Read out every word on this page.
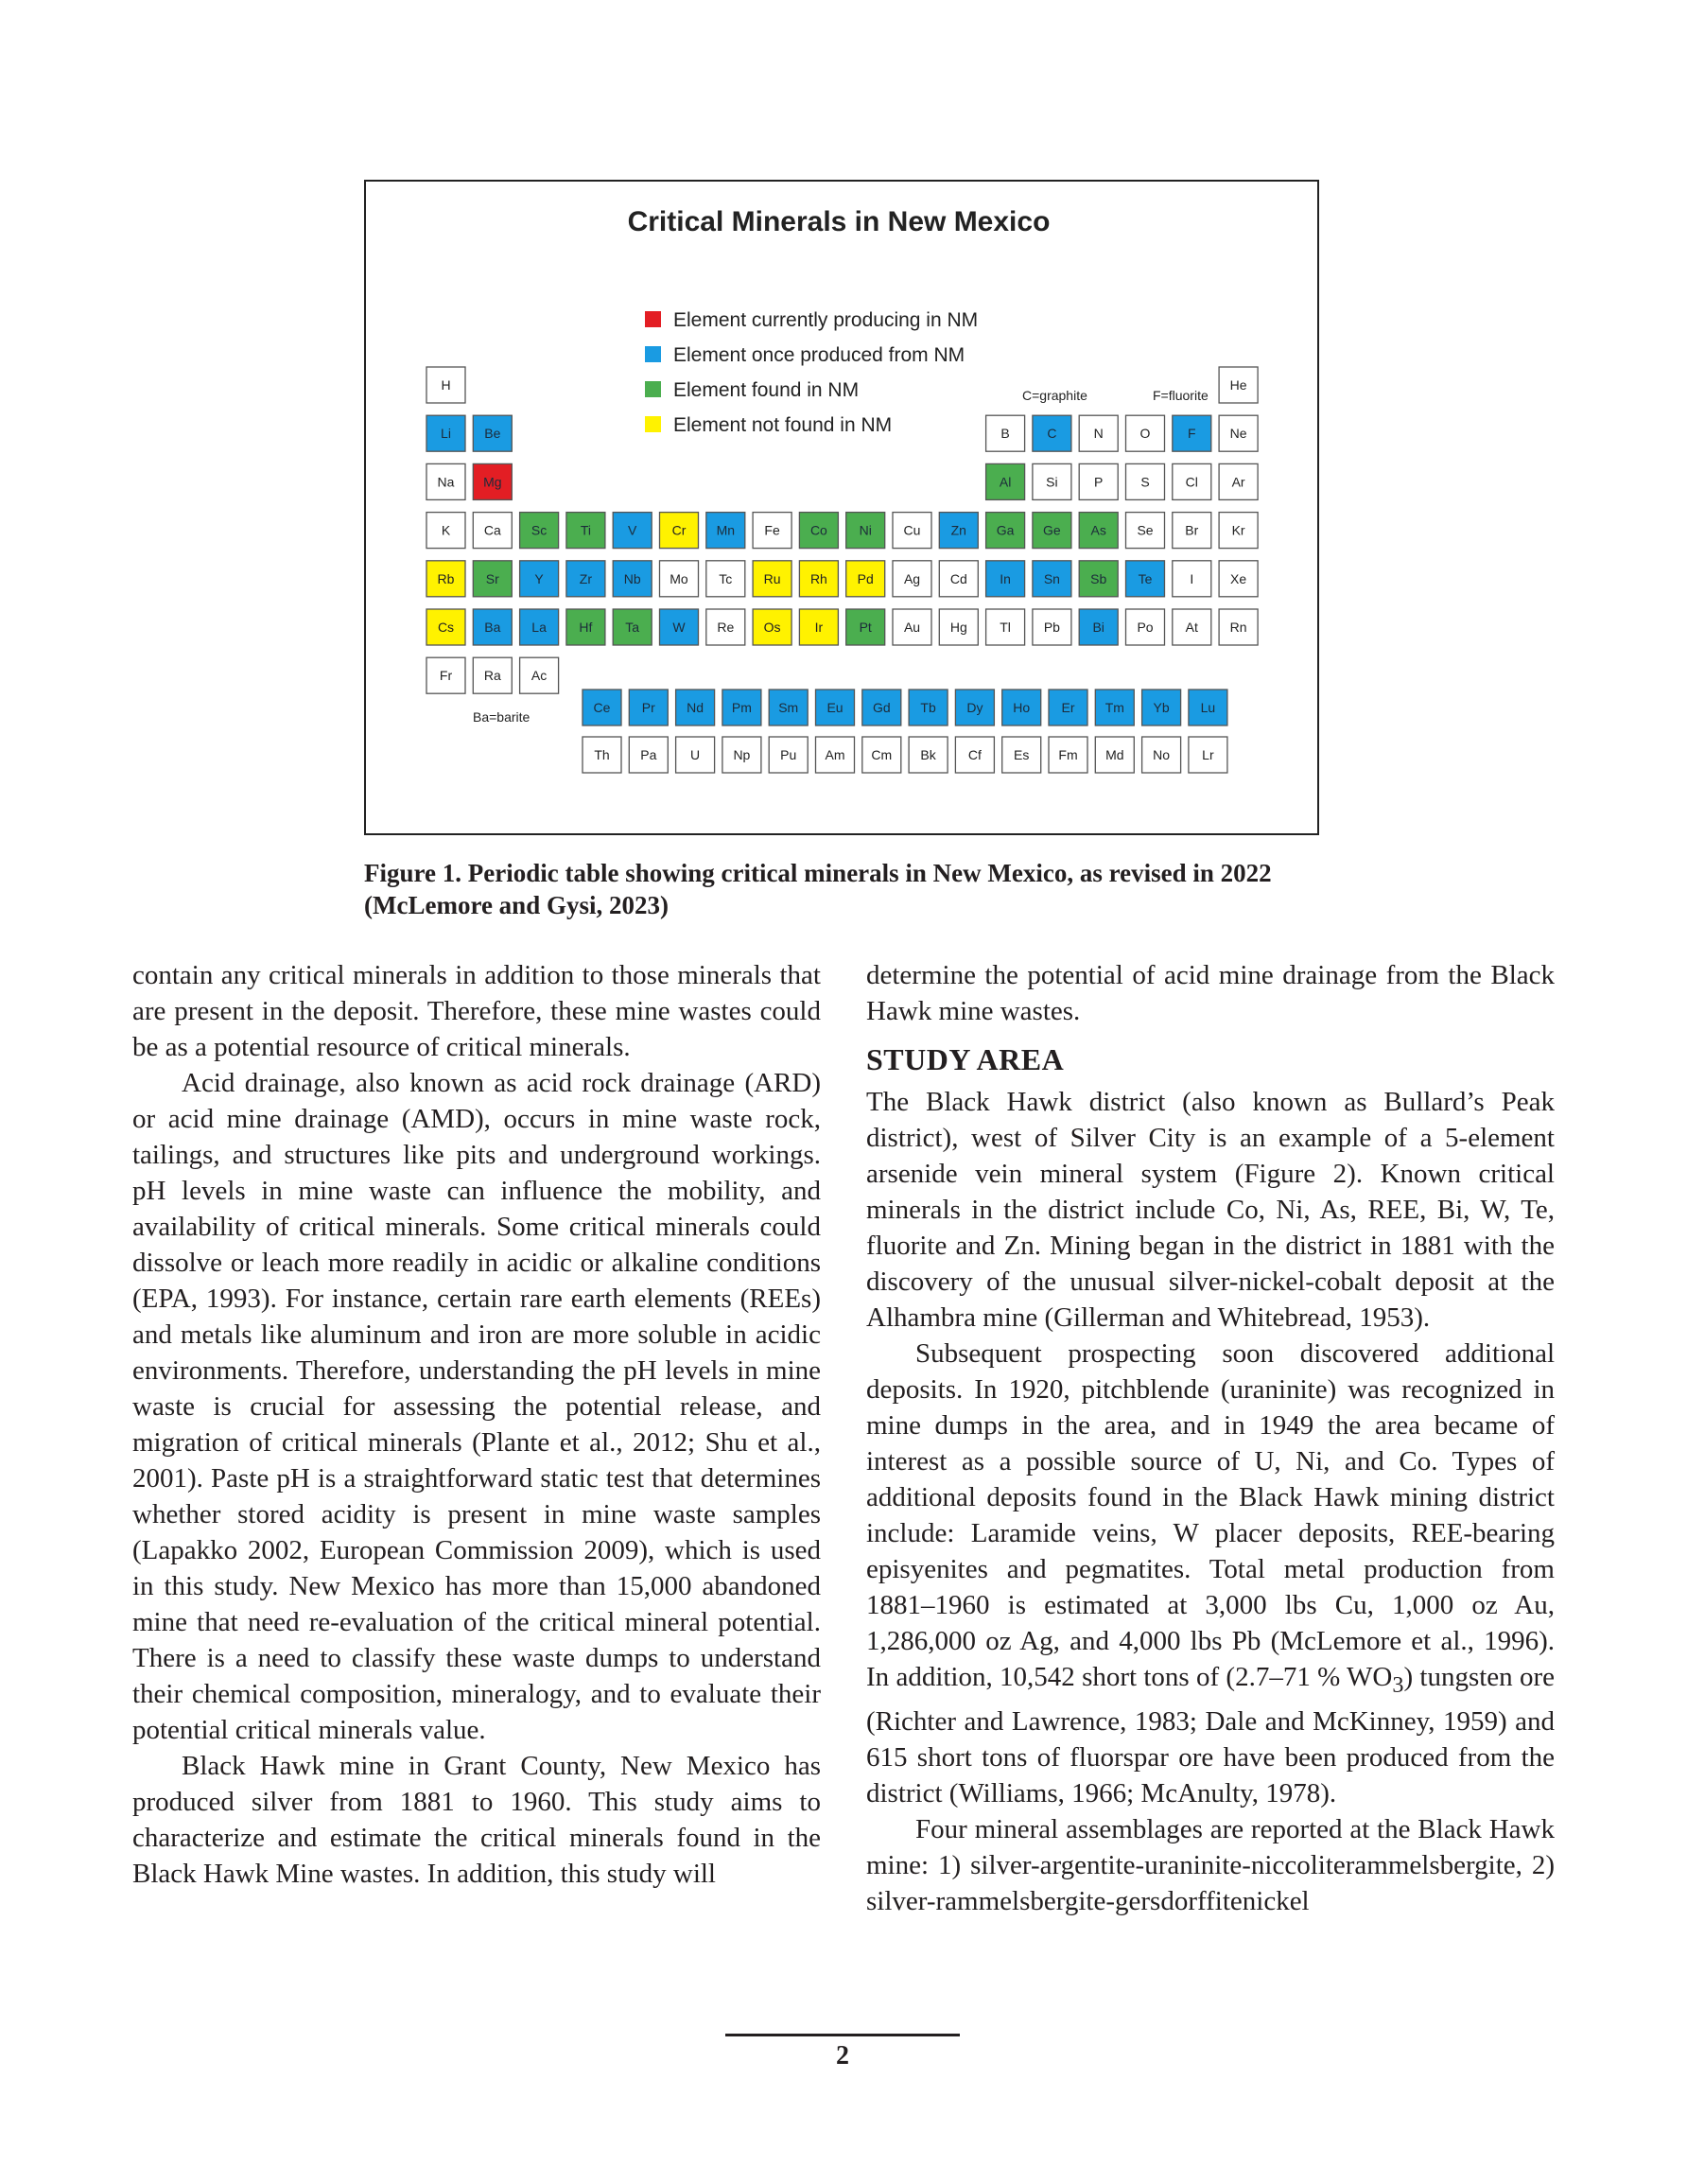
Critical Minerals in New Mexico
Element currently producing in NM
Element once produced from NM
Element found in NM
Element not found in NM
C=graphite	F=fluorite
Ba=barite
H	He
Li	Be	B	C	N	O	F	Ne
Na Mg	Al	Si	P	S	Cl	Ar
K	Ca Sc	Ti	V	Cr Mn Fe Co Ni Cu Zn Ga Ge As Se Br	Kr
Rb Sr	Y	Zr Nb Mo Tc Ru Rh Pd Ag Cd In Sn Sb Te	I	Xe
Cs Ba La Hf Ta	W Re Os	Ir	Pt Au Hg Tl Pb Bi Po At Rn
Fr Ra Ac
Ce Pr Nd Pm Sm Eu Gd Tb Dy Ho Er Tm Yb Lu
Th Pa	U	Np Pu Am Cm Bk Cf Es Fm Md No Lr
Figure 1. Periodic table showing critical minerals in New Mexico, as revised in 2022
(McLemore and Gysi, 2023)

contain any critical minerals in addition to those minerals that are present in the deposit. Therefore, these mine wastes could be as a potential resource of critical minerals.

Acid drainage, also known as acid rock drainage (ARD) or acid mine drainage (AMD), occurs in mine waste rock, tailings, and structures like pits and underground workings. pH levels in mine waste can influence the mobility, and availability of critical minerals. Some critical minerals could dissolve or leach more readily in acidic or alkaline conditions (EPA, 1993). For instance, certain rare earth elements (REEs) and metals like aluminum and iron are more soluble in acidic environments. Therefore, understanding the pH levels in mine waste is crucial for assessing the potential release, and migration of critical minerals (Plante et al., 2012; Shu et al., 2001). Paste pH is a straightforward static test that determines whether stored acidity is present in mine waste samples (Lapakko 2002, European Commission 2009), which is used in this study. New Mexico has more than 15,000 abandoned mine that need re-evaluation of the critical mineral potential. There is a need to classify these waste dumps to understand their chemical composition, mineralogy, and to evaluate their potential critical minerals value.

Black Hawk mine in Grant County, New Mexico has produced silver from 1881 to 1960. This study aims to characterize and estimate the critical minerals found in the Black Hawk Mine wastes. In addition, this study will

determine the potential of acid mine drainage from the Black Hawk mine wastes.

STUDY AREA

The Black Hawk district (also known as Bullard’s Peak district), west of Silver City is an example of a 5-element arsenide vein mineral system (Figure 2). Known critical minerals in the district include Co, Ni, As, REE, Bi, W, Te, fluorite and Zn. Mining began in the district in 1881 with the discovery of the unusual silver-nickel-cobalt deposit at the Alhambra mine (Gillerman and Whitebread, 1953).

Subsequent prospecting soon discovered additional deposits. In 1920, pitchblende (uraninite) was recognized in mine dumps in the area, and in 1949 the area became of interest as a possible source of U, Ni, and Co. Types of additional deposits found in the Black Hawk mining district include: Laramide veins, W placer deposits, REE-bearing episyenites and pegmatites. Total metal production from 1881–1960 is estimated at 3,000 lbs Cu, 1,000 oz Au, 1,286,000 oz Ag, and 4,000 lbs Pb (McLemore et al., 1996). In addition, 10,542 short tons of (2.7–71 % $WO_3$) tungsten ore (Richter and Lawrence, 1983; Dale and McKinney, 1959) and 615 short tons of fluorspar ore have been produced from the district (Williams, 1966; McAnulty, 1978).

Four mineral assemblages are reported at the Black Hawk mine: 1) silver-argentite-uraninite-niccoliterammelsbergite, 2) silver-rammelsbergite-gersdorffitenickel

2
